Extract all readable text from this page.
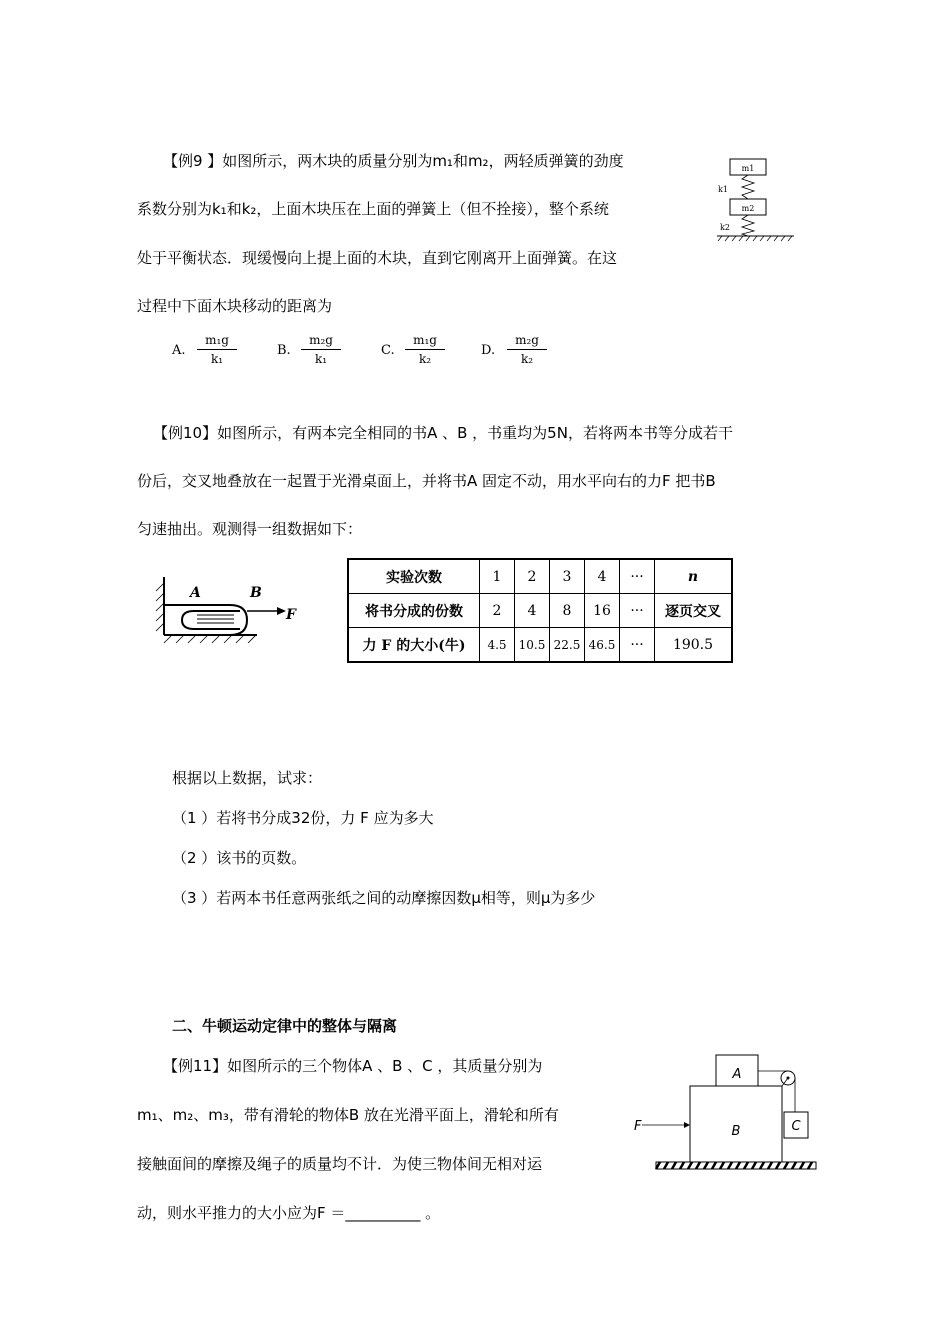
【例9 】如图所示，两木块的质量分别为m₁和m₂，两轻质弹簧的劲度
系数分别为k₁和k₂，上面木块压在上面的弹簧上（但不拴接），整个系统
处于平衡状态．现缓慢向上提上面的木块，直到它刚离开上面弹簧。在这
过程中下面木块移动的距离为
m1
k1
m2
k2
A. $\frac{\text{m₁g}}{\text{k₁}}$	B. $\frac{\text{m₂g}}{\text{k₁}}$	C. $\frac{\text{m₁g}}{\text{k₂}}$	D. $\frac{\text{m₂g}}{\text{k₂}}$
【例10】如图所示，有两本完全相同的书A 、B ，书重均为5N，若将两本书等分成若干
份后，交叉地叠放在一起置于光滑桌面上，并将书A 固定不动，用水平向右的力F 把书B
匀速抽出。观测得一组数据如下：
A	B
F
实验次数	1	2	3	4	···	n
将书分成的份数	2	4	8	16	···	逐页交叉
力 F 的大小(牛)	4.5	10.5	22.5	46.5	···	190.5
根据以上数据，试求：
（1 ）若将书分成32份，力 F 应为多大
（2 ）该书的页数。
（3 ）若两本书任意两张纸之间的动摩擦因数μ相等，则μ为多少
二、牛顿运动定律中的整体与隔离
【例11】如图所示的三个物体A 、B 、C ，其质量分别为
m₁、m₂、m₃，带有滑轮的物体B 放在光滑平面上，滑轮和所有
接触面间的摩擦及绳子的质量均不计．为使三物体间无相对运
动，则水平推力的大小应为F ＝__________ 。
A
B	C
F
